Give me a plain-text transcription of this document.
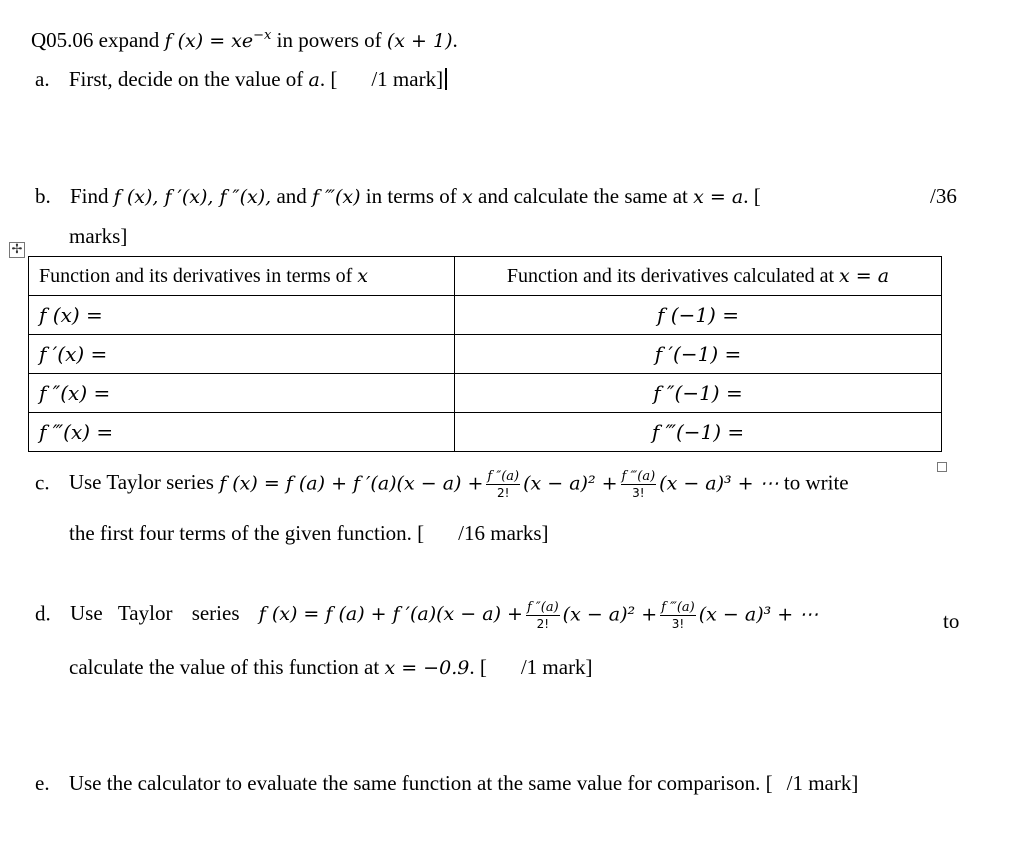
Q05.06 expand f $(x) = xe^{-x}$ in powers of (x + 1).
a. First, decide on the value of a. [ /1 mark]
b. Find f (x), f ′(x), f ″(x), and f ‴(x) in terms of x and calculate the same at x = a. [	/36
marks]
✢
Function and its derivatives in terms of x	Function and its derivatives calculated at x = a
f (x) =	f (−1) =
f ′(x) =	f ′(−1) =
f ″(x) =	f ″(−1) =
f ‴(x) =	f ‴(−1) =
c. Use Taylor series f (x) = f (a) + f $'(a)(x - a) + \frac{f ''(a)}{2!} (x - a)^2 + \frac{f ‴(a)}{3!} (x - a)^3$ + ⋯ to write
the first four terms of the given function. [ /16 marks]
d. Use Taylor series f (x) = f (a) + f $'(a)(x - a) + \frac{f ''(a)}{2!} (x - a)^2 + \frac{f ‴(a)}{3!} (x - a)^3$ + ⋯	to
calculate the value of this function at x = −0.9. [ /1 mark]
e. Use the calculator to evaluate the same function at the same value for comparison. [ /1 mark]
